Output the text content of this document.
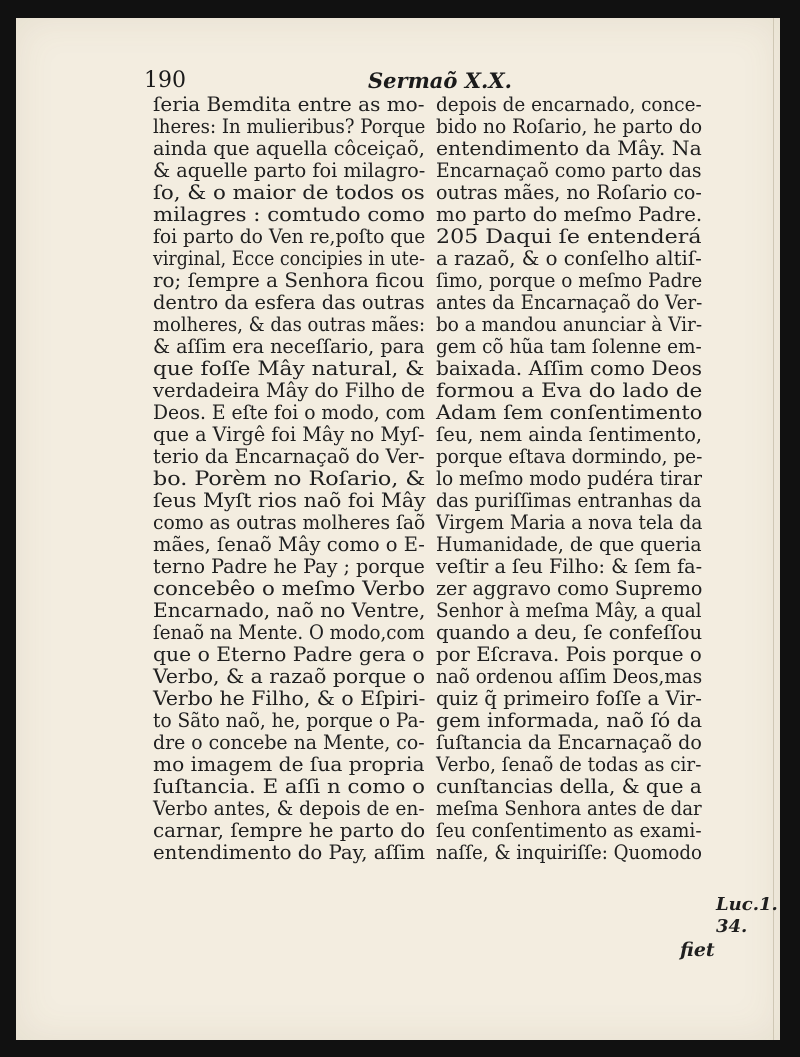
190	Sermaõ X.X.
ſeria Bemdita entre as mo-
lheres: In mulieribus? Porque
ainda que aquella côceiçaõ,
& aquelle parto foi milagro-
ſo, & o maior de todos os
milagres : comtudo como
foi parto do Ven re,poſto que
virginal, Ecce concipies in ute-
ro; ſempre a Senhora ficou
dentro da esfera das outras
molheres, & das outras mães:
& aſſim era neceſſario, para
que foſſe Mây natural, &
verdadeira Mây do Filho de
Deos. E eſte foi o modo, com
que a Virgê foi Mây no Myſ-
terio da Encarnaçaõ do Ver-
bo. Porèm no Roſario, &
ſeus Myſt rios naõ foi Mây
como as outras molheres ſaõ
mães, ſenaõ Mây como o E-
terno Padre he Pay ; porque
concebêo o meſmo Verbo
Encarnado, naõ no Ventre,
ſenaõ na Mente. O modo,com
que o Eterno Padre gera o
Verbo, & a razaõ porque o
Verbo he Filho, & o Eſpiri-
to Sãto naõ, he, porque o Pa-
dre o concebe na Mente, co-
mo imagem de ſua propria
ſuſtancia. E aſſi n como o
Verbo antes, & depois de en-
carnar, ſempre he parto do
entendimento do Pay, aſſim
depois de encarnado, conce-
bido no Roſario, he parto do
entendimento da Mây. Na
Encarnaçaõ como parto das
outras mães, no Roſario co-
mo parto do meſmo Padre.
205 Daqui ſe entenderá
a razaõ, & o conſelho altiſ-
ſimo, porque o meſmo Padre
antes da Encarnaçaõ do Ver-
bo a mandou anunciar à Vir-
gem cõ hũa tam ſolenne em-
baixada. Aſſim como Deos
formou a Eva do lado de
Adam ſem conſentimento
ſeu, nem ainda ſentimento,
porque eſtava dormindo, pe-
lo meſmo modo pudéra tirar
das puriſſimas entranhas da
Virgem Maria a nova tela da
Humanidade, de que queria
veſtir a ſeu Filho: & ſem fa-
zer aggravo como Supremo
Senhor à meſma Mây, a qual
quando a deu, ſe confeſſou
por Eſcrava. Pois porque o
naõ ordenou aſſim Deos,mas
quiz q̃ primeiro foſſe a Vir-
gem informada, naõ ſó da
ſuſtancia da Encarnaçaõ do
Verbo, ſenaõ de todas as cir-
cunſtancias della, & que a
meſma Senhora antes de dar
ſeu conſentimento as exami-
naſſe, & inquiriſſe: Quomodo
Luc.1.
34.
fiet
